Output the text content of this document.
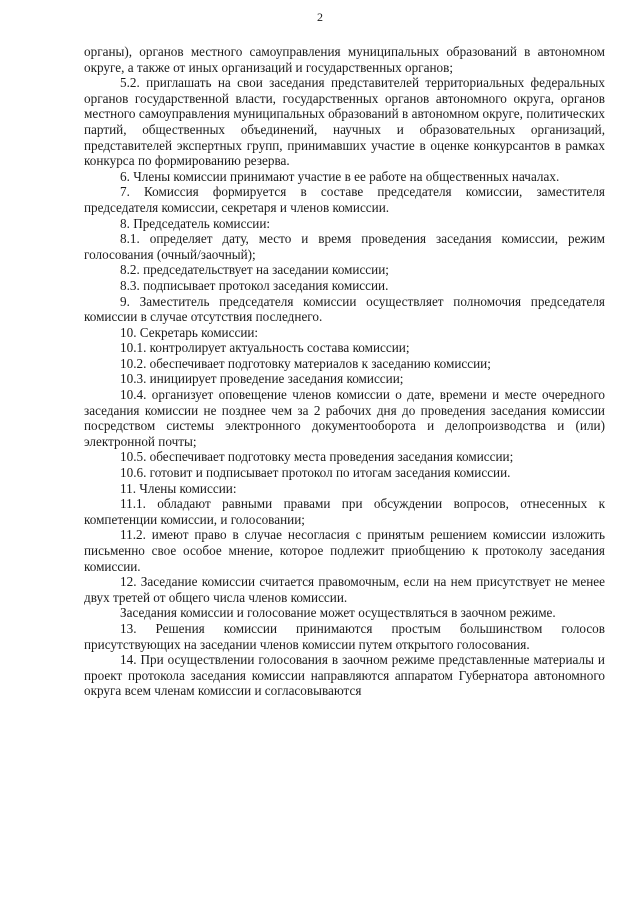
2

органы), органов местного самоуправления муниципальных образований в автономном округе, а также от иных организаций и государственных органов;

5.2. приглашать на свои заседания представителей территориальных федеральных органов государственной власти, государственных органов автономного округа, органов местного самоуправления муниципальных образований в автономном округе, политических партий, общественных объединений, научных и образовательных организаций, представителей экспертных групп, принимавших участие в оценке конкурсантов в рамках конкурса по формированию резерва.

6. Члены комиссии принимают участие в ее работе на общественных началах.

7. Комиссия формируется в составе председателя комиссии, заместителя председателя комиссии, секретаря и членов комиссии.

8. Председатель комиссии:

8.1. определяет дату, место и время проведения заседания комиссии, режим голосования (очный/заочный);

8.2. председательствует на заседании комиссии;

8.3. подписывает протокол заседания комиссии.

9. Заместитель председателя комиссии осуществляет полномочия председателя комиссии в случае отсутствия последнего.

10. Секретарь комиссии:

10.1. контролирует актуальность состава комиссии;

10.2. обеспечивает подготовку материалов к заседанию комиссии;

10.3. инициирует проведение заседания комиссии;

10.4. организует оповещение членов комиссии о дате, времени и месте очередного заседания комиссии не позднее чем за 2 рабочих дня до проведения заседания комиссии посредством системы электронного документооборота и делопроизводства и (или) электронной почты;

10.5. обеспечивает подготовку места проведения заседания комиссии;

10.6. готовит и подписывает протокол по итогам заседания комиссии.

11. Члены комиссии:

11.1. обладают равными правами при обсуждении вопросов, отнесенных к компетенции комиссии, и голосовании;

11.2. имеют право в случае несогласия с принятым решением комиссии изложить письменно свое особое мнение, которое подлежит приобщению к протоколу заседания комиссии.

12. Заседание комиссии считается правомочным, если на нем присутствует не менее двух третей от общего числа членов комиссии.

Заседания комиссии и голосование может осуществляться в заочном режиме.

13. Решения комиссии принимаются простым большинством голосов присутствующих на заседании членов комиссии путем открытого голосования.

14. При осуществлении голосования в заочном режиме представленные материалы и проект протокола заседания комиссии направляются аппаратом Губернатора автономного округа всем членам комиссии и согласовываются
